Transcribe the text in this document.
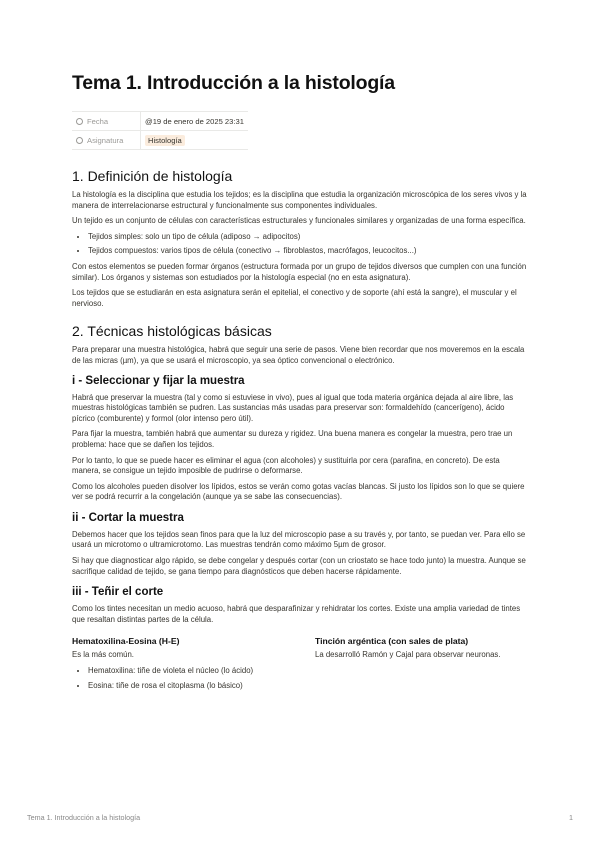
Tema 1. Introducción a la histología
Fecha	@19 de enero de 2025 23:31
Asignatura	Histología
1. Definición de histología

La histología es la disciplina que estudia los tejidos; es la disciplina que estudia la organización microscópica de los seres vivos y la manera de interrelacionarse estructural y funcionalmente sus componentes individuales.

Un tejido es un conjunto de células con características estructurales y funcionales similares y organizadas de una forma específica.

• Tejidos simples: solo un tipo de célula (adiposo → adipocitos)
• Tejidos compuestos: varios tipos de célula (conectivo → fibroblastos, macrófagos, leucocitos...)

Con estos elementos se pueden formar órganos (estructura formada por un grupo de tejidos diversos que cumplen con una función similar). Los órganos y sistemas son estudiados por la histología especial (no en esta asignatura).

Los tejidos que se estudiarán en esta asignatura serán el epitelial, el conectivo y de soporte (ahí está la sangre), el muscular y el nervioso.

2. Técnicas histológicas básicas

Para preparar una muestra histológica, habrá que seguir una serie de pasos. Viene bien recordar que nos moveremos en la escala de las micras (µm), ya que se usará el microscopio, ya sea óptico convencional o electrónico.

i - Seleccionar y fijar la muestra

Habrá que preservar la muestra (tal y como si estuviese in vivo), pues al igual que toda materia orgánica dejada al aire libre, las muestras histológicas también se pudren. Las sustancias más usadas para preservar son: formaldehído (cancerígeno), ácido pícrico (comburente) y formol (olor intenso pero útil).

Para fijar la muestra, también habrá que aumentar su dureza y rigidez. Una buena manera es congelar la muestra, pero trae un problema: hace que se dañen los tejidos.

Por lo tanto, lo que se puede hacer es eliminar el agua (con alcoholes) y sustituirla por cera (parafina, en concreto). De esta manera, se consigue un tejido imposible de pudrirse o deformarse.

Como los alcoholes pueden disolver los lípidos, estos se verán como gotas vacías blancas. Si justo los lípidos son lo que se quiere ver se podrá recurrir a la congelación (aunque ya se sabe las consecuencias).

ii - Cortar la muestra

Debemos hacer que los tejidos sean finos para que la luz del microscopio pase a su través y, por tanto, se puedan ver. Para ello se usará un microtomo o ultramicrotomo. Las muestras tendrán como máximo 5µm de grosor.

Si hay que diagnosticar algo rápido, se debe congelar y después cortar (con un criostato se hace todo junto) la muestra. Aunque se sacrifique calidad de tejido, se gana tiempo para diagnósticos que deben hacerse rápidamente.

iii - Teñir el corte

Como los tintes necesitan un medio acuoso, habrá que desparafinizar y rehidratar los cortes. Existe una amplia variedad de tintes que resaltan distintas partes de la célula.

Hematoxilina-Eosina (H-E)

Es la más común.

• Hematoxilina: tiñe de violeta el núcleo (lo ácido)
• Eosina: tiñe de rosa el citoplasma (lo básico)
Tinción argéntica (con sales de plata)

La desarrolló Ramón y Cajal para observar neuronas.

Tema 1. Introducción a la histología	1
